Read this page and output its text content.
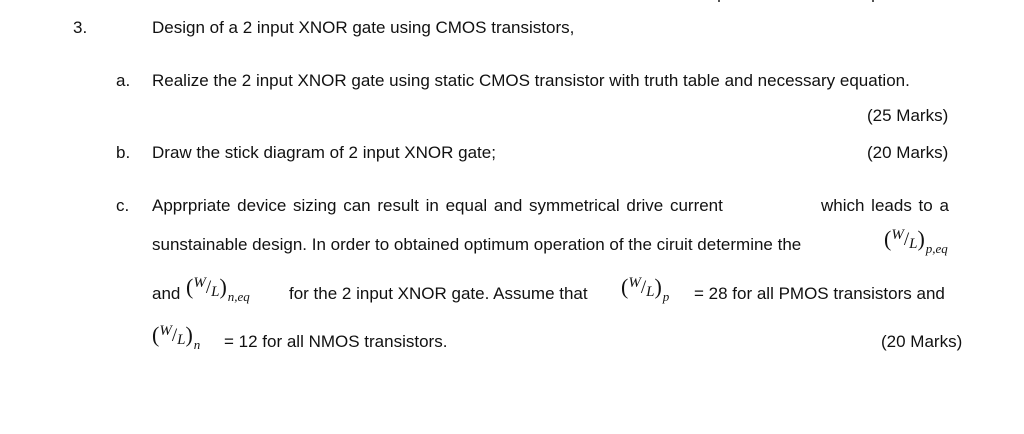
3.	Design of a 2 input XNOR gate using CMOS transistors,
a. Realize the 2 input XNOR gate using static CMOS transistor with truth table and necessary equation.
(25 Marks)
b. Draw the stick diagram of 2 input XNOR gate;	(20 Marks)
c. Apprpriate device sizing can result in equal and symmetrical drive current	which leads to a
sunstainable design. In order to obtained optimum operation of the ciruit determine the	$(^W/L)_{p,eq}$
and $(^W/L)_{n,eq}$ for the 2 input XNOR gate. Assume that $(^W/L)_p = 28$ for all PMOS transistors and
$(^W/L)_n = 12$ for all NMOS transistors.	(20 Marks)
